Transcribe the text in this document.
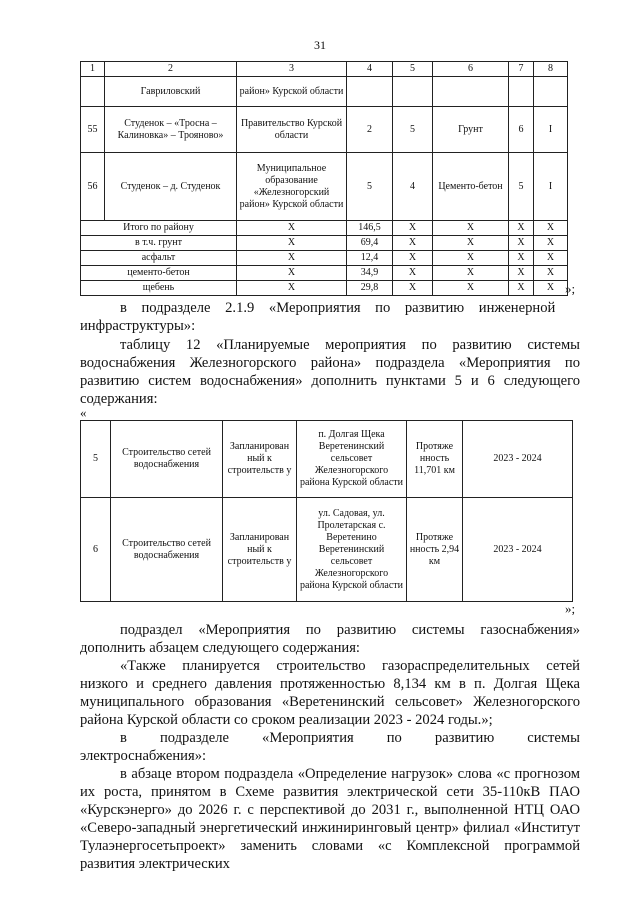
31
1	2	3	4	5	6	7	8
	Гавриловский	район» Курской области					
55	Студенок – «Тросна – Калиновка» – Трояново»	Правительство Курской области	2	5	Грунт	6	I
56	Студенок – д. Студенок	Муниципальное образование «Железногорский район» Курской области	5	4	Цементо-бетон	5	I
Итого по району		Х	146,5	Х	Х	Х	Х
в т.ч. грунт		Х	69,4	Х	Х	Х	Х
асфальт		Х	12,4	Х	Х	Х	Х
цементо-бетон		Х	34,9	Х	Х	Х	Х
щебень		Х	29,8	Х	Х	Х	Х »;
в    подразделе    2.1.9    «Мероприятия    по    развитию    инженерной
инфраструктуры»:
таблицу 12 «Планируемые мероприятия по развитию системы водоснабжения Железногорского района» подраздела «Мероприятия по развитию систем водоснабжения» дополнить пунктами 5 и 6 следующего содержания:
«
5	Строительство сетей водоснабжения	Запланирован ный к строительств у	п. Долгая Щека Веретенинский сельсовет Железногорского района Курской области	Протяже нность 11,701 км	2023 - 2024
6	Строительство сетей водоснабжения	Запланирован ный к строительств у	ул. Садовая, ул. Пролетарская с. Веретенино Веретенинский сельсовет Железногорского района Курской области	Протяже нность 2,94 км	2023 - 2024
»;
подраздел «Мероприятия по развитию системы газоснабжения» дополнить абзацем следующего содержания:
«Также планируется строительство газораспределительных сетей низкого и среднего давления протяженностью 8,134 км в п. Долгая Щека муниципального образования «Веретенинский сельсовет» Железногорского района Курской области со сроком реализации 2023 - 2024 годы.»;
в подразделе «Мероприятия по развитию системы
электроснабжения»:
в абзаце втором подраздела «Определение нагрузок» слова «с прогнозом их роста, принятом в Схеме развития электрической сети 35-110кВ ПАО «Курскэнерго» до 2026 г. с перспективой до 2031 г., выполненной НТЦ ОАО «Северо-западный энергетический инжиниринговый центр» филиал «Институт Тулаэнергосетьпроект» заменить словами «с Комплексной программой развития электрических
